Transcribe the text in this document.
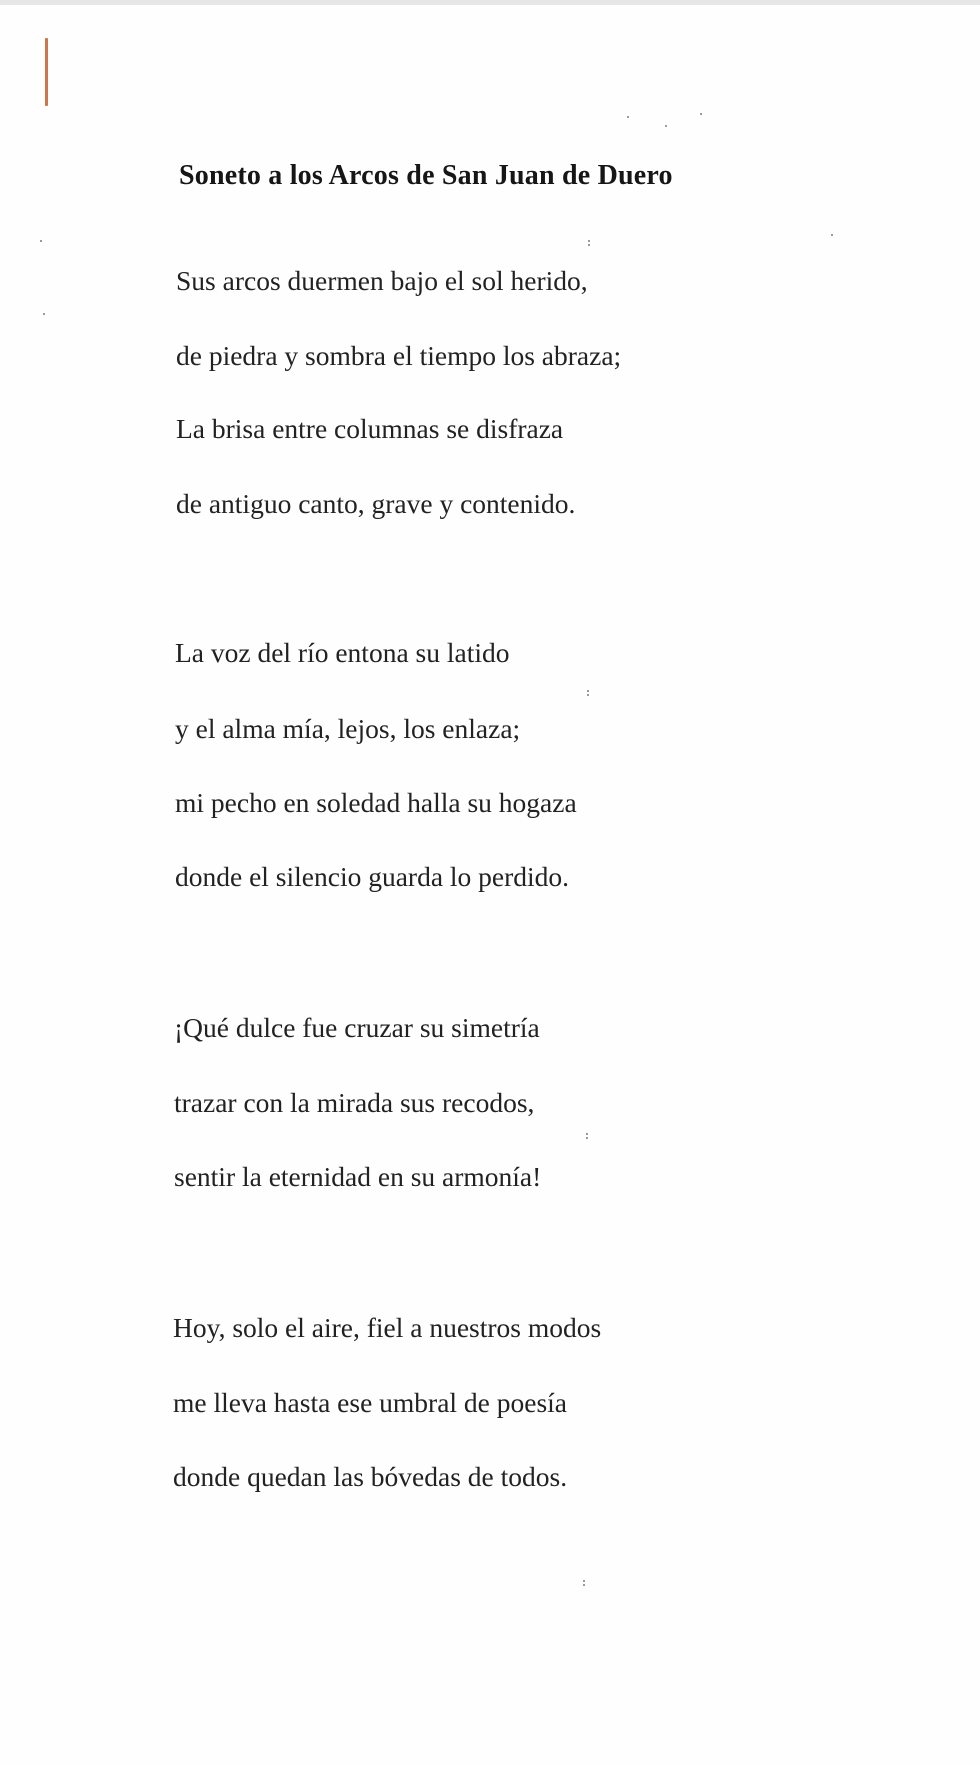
Soneto a los Arcos de San Juan de Duero
Sus arcos duermen bajo el sol herido,
de piedra y sombra el tiempo los abraza;
La brisa entre columnas se disfraza
de antiguo canto, grave y contenido.
La voz del río entona su latido
y el alma mía, lejos, los enlaza;
mi pecho en soledad halla su hogaza
donde el silencio guarda lo perdido.
¡Qué dulce fue cruzar su simetría
trazar con la mirada sus recodos,
sentir la eternidad en su armonía!
Hoy, solo el aire, fiel a nuestros modos
me lleva hasta ese umbral de poesía
donde quedan las bóvedas de todos.
